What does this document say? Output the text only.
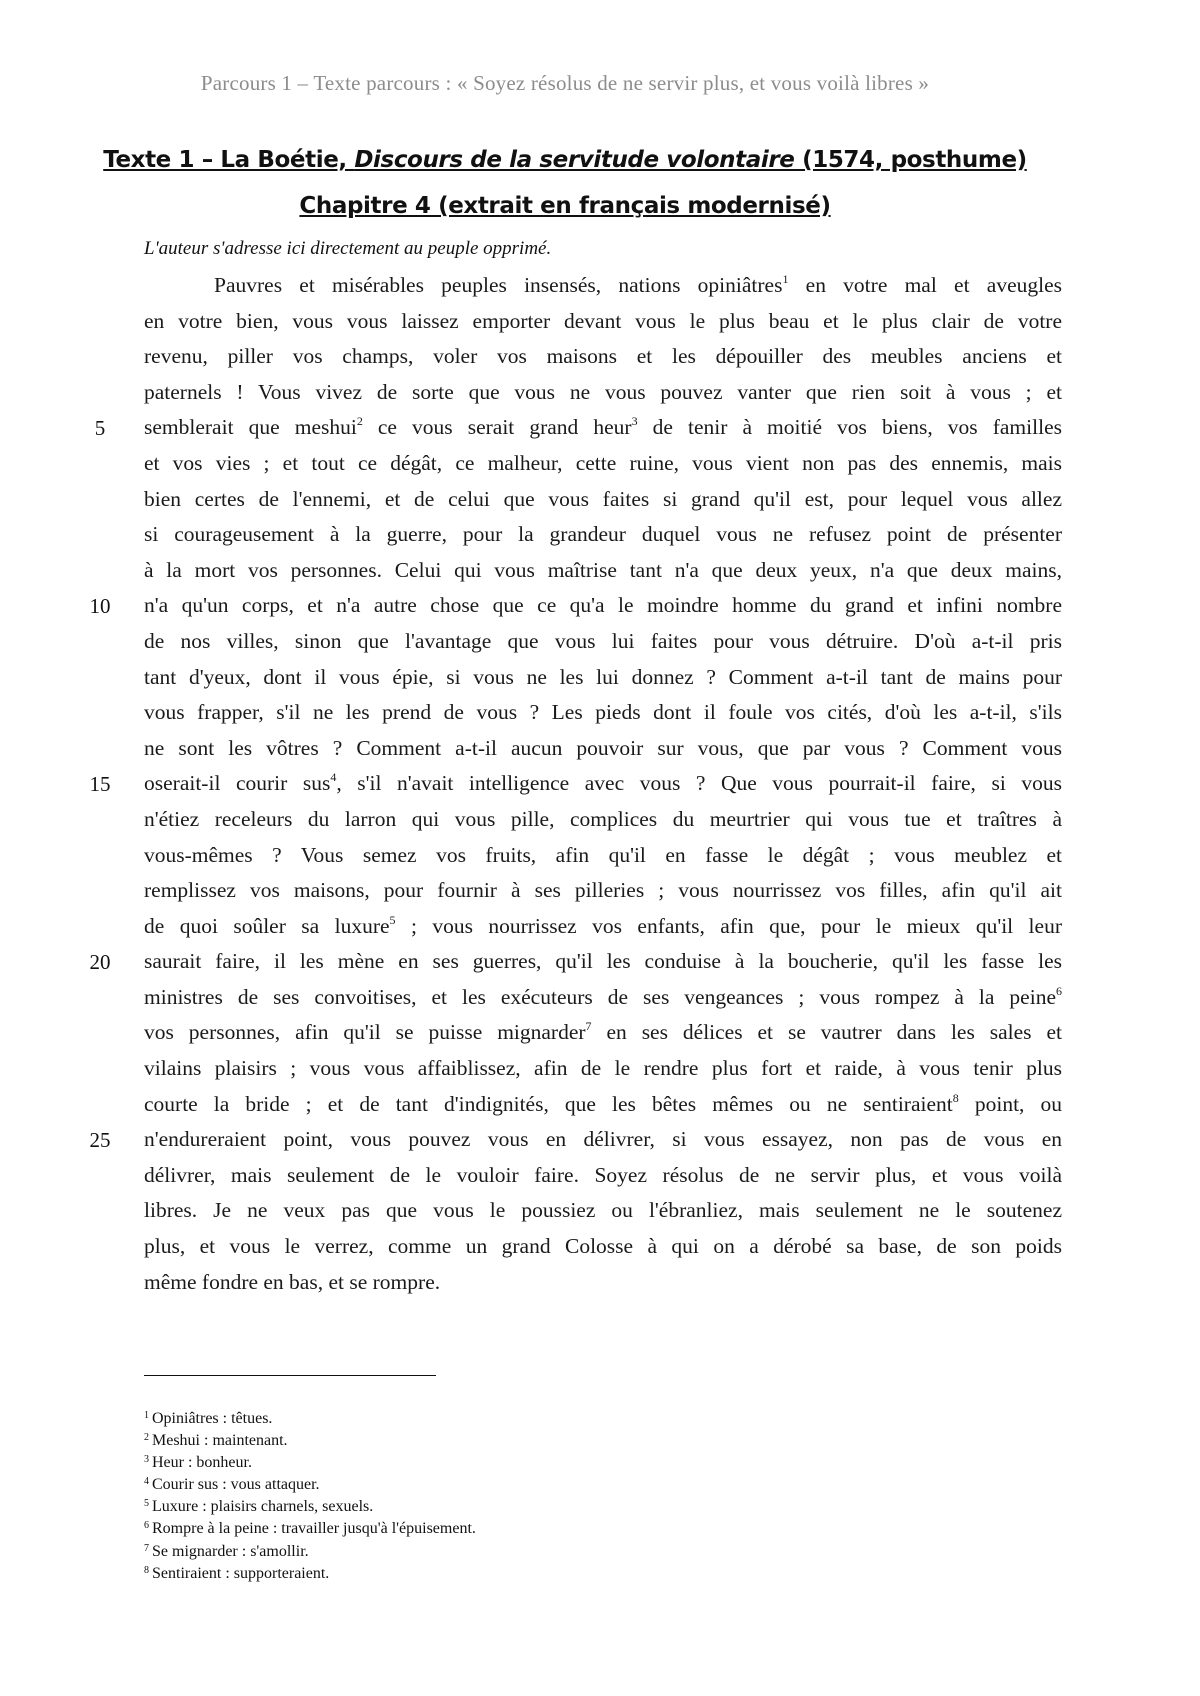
Parcours 1 – Texte parcours : « Soyez résolus de ne servir plus, et vous voilà libres »
Texte 1 – La Boétie, Discours de la servitude volontaire (1574, posthume)
Chapitre 4 (extrait en français modernisé)
L'auteur s'adresse ici directement au peuple opprimé.
Pauvres et misérables peuples insensés, nations opiniâtres$^1$ en votre mal et aveugles
en votre bien, vous vous laissez emporter devant vous le plus beau et le plus clair de votre
revenu, piller vos champs, voler vos maisons et les dépouiller des meubles anciens et
paternels ! Vous vivez de sorte que vous ne vous pouvez vanter que rien soit à vous ; et
semblerait que meshui$^2$ ce vous serait grand heur$^3$ de tenir à moitié vos biens, vos familles
et vos vies ; et tout ce dégât, ce malheur, cette ruine, vous vient non pas des ennemis, mais
bien certes de l'ennemi, et de celui que vous faites si grand qu'il est, pour lequel vous allez
si courageusement à la guerre, pour la grandeur duquel vous ne refusez point de présenter
à la mort vos personnes. Celui qui vous maîtrise tant n'a que deux yeux, n'a que deux mains,
n'a qu'un corps, et n'a autre chose que ce qu'a le moindre homme du grand et infini nombre
de nos villes, sinon que l'avantage que vous lui faites pour vous détruire. D'où a-t-il pris
tant d'yeux, dont il vous épie, si vous ne les lui donnez ? Comment a-t-il tant de mains pour
vous frapper, s'il ne les prend de vous ? Les pieds dont il foule vos cités, d'où les a-t-il, s'ils
ne sont les vôtres ? Comment a-t-il aucun pouvoir sur vous, que par vous ? Comment vous
oserait-il courir sus$^4$, s'il n'avait intelligence avec vous ? Que vous pourrait-il faire, si vous
n'étiez receleurs du larron qui vous pille, complices du meurtrier qui vous tue et traîtres à
vous-mêmes ? Vous semez vos fruits, afin qu'il en fasse le dégât ; vous meublez et
remplissez vos maisons, pour fournir à ses pilleries ; vous nourrissez vos filles, afin qu'il ait
de quoi soûler sa luxure$^5$ ; vous nourrissez vos enfants, afin que, pour le mieux qu'il leur
saurait faire, il les mène en ses guerres, qu'il les conduise à la boucherie, qu'il les fasse les
ministres de ses convoitises, et les exécuteurs de ses vengeances ; vous rompez à la peine$^6$
vos personnes, afin qu'il se puisse mignarder$^7$ en ses délices et se vautrer dans les sales et
vilains plaisirs ; vous vous affaiblissez, afin de le rendre plus fort et raide, à vous tenir plus
courte la bride ; et de tant d'indignités, que les bêtes mêmes ou ne sentiraient$^8$ point, ou
n'endureraient point, vous pouvez vous en délivrer, si vous essayez, non pas de vous en
délivrer, mais seulement de le vouloir faire. Soyez résolus de ne servir plus, et vous voilà
libres. Je ne veux pas que vous le poussiez ou l'ébranliez, mais seulement ne le soutenez
plus, et vous le verrez, comme un grand Colosse à qui on a dérobé sa base, de son poids
même fondre en bas, et se rompre.
5
10
15
20
25
$^1$ Opiniâtres : têtues.
$^2$ Meshui : maintenant.
$^3$ Heur : bonheur.
$^4$ Courir sus : vous attaquer.
$^5$ Luxure : plaisirs charnels, sexuels.
$^6$ Rompre à la peine : travailler jusqu'à l'épuisement.
$^7$ Se mignarder : s'amollir.
$^8$ Sentiraient : supporteraient.
